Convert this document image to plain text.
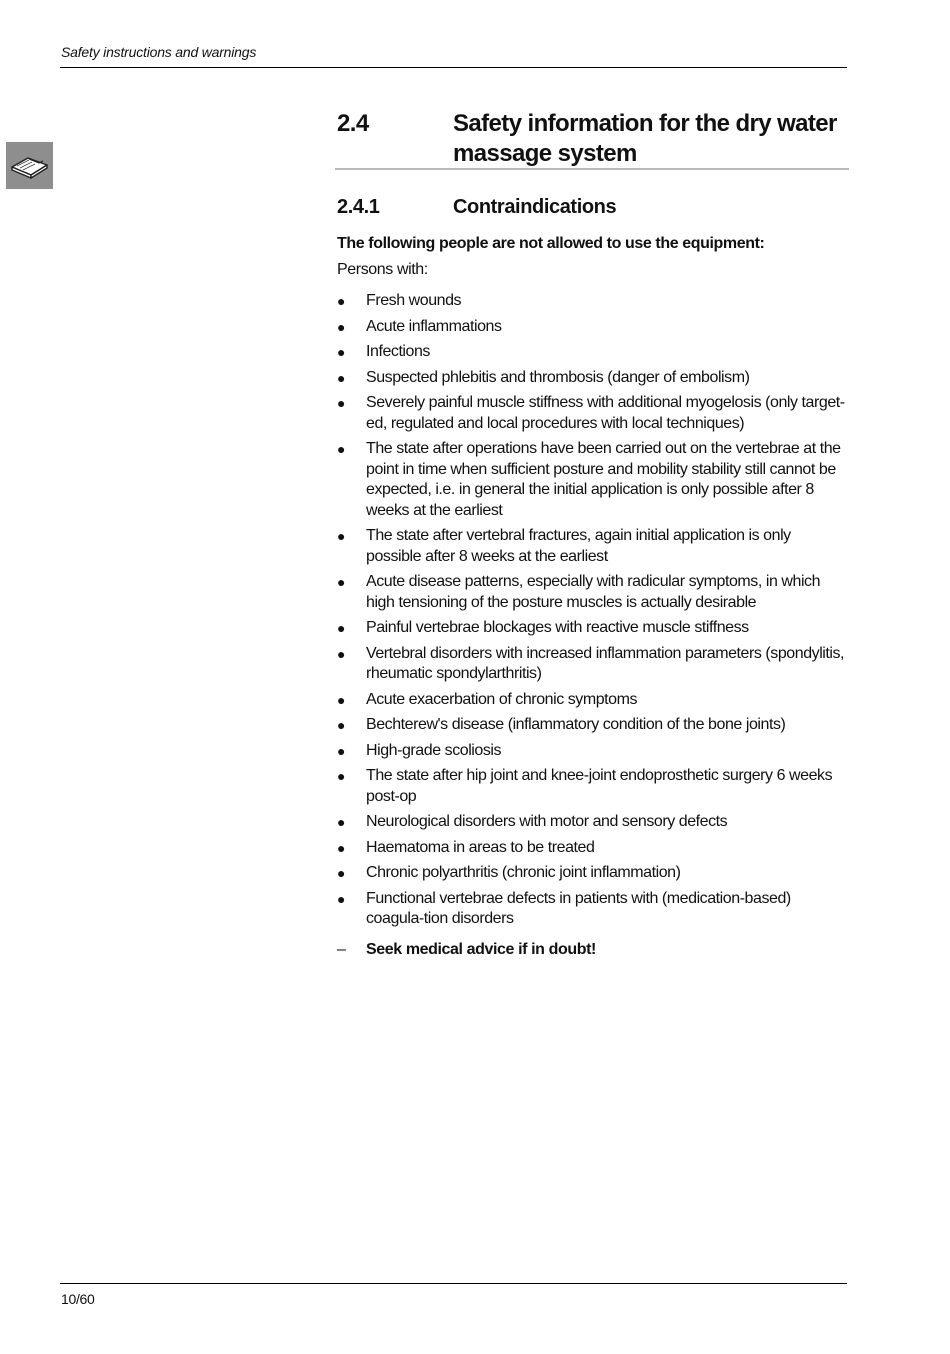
Safety instructions and warnings
2.4	Safety information for the dry water massage system
2.4.1	Contraindications
The following people are not allowed to use the equipment:
Persons with:
● Fresh wounds
● Acute inflammations
● Infections
● Suspected phlebitis and thrombosis (danger of embolism)
● Severely painful muscle stiffness with additional myogelosis (only target-ed, regulated and local procedures with local techniques)
● The state after operations have been carried out on the vertebrae at the point in time when sufficient posture and mobility stability still cannot be expected, i.e. in general the initial application is only possible after 8 weeks at the earliest
● The state after vertebral fractures, again initial application is only possible after 8 weeks at the earliest
● Acute disease patterns, especially with radicular symptoms, in which high tensioning of the posture muscles is actually desirable
● Painful vertebrae blockages with reactive muscle stiffness
● Vertebral disorders with increased inflammation parameters (spondylitis, rheumatic spondylarthritis)
● Acute exacerbation of chronic symptoms
● Bechterew's disease (inflammatory condition of the bone joints)
● High-grade scoliosis
● The state after hip joint and knee-joint endoprosthetic surgery 6 weeks post-op
● Neurological disorders with motor and sensory defects
● Haematoma in areas to be treated
● Chronic polyarthritis (chronic joint inflammation)
● Functional vertebrae defects in patients with (medication-based) coagula-tion disorders
–	Seek medical advice if in doubt!
10/60
